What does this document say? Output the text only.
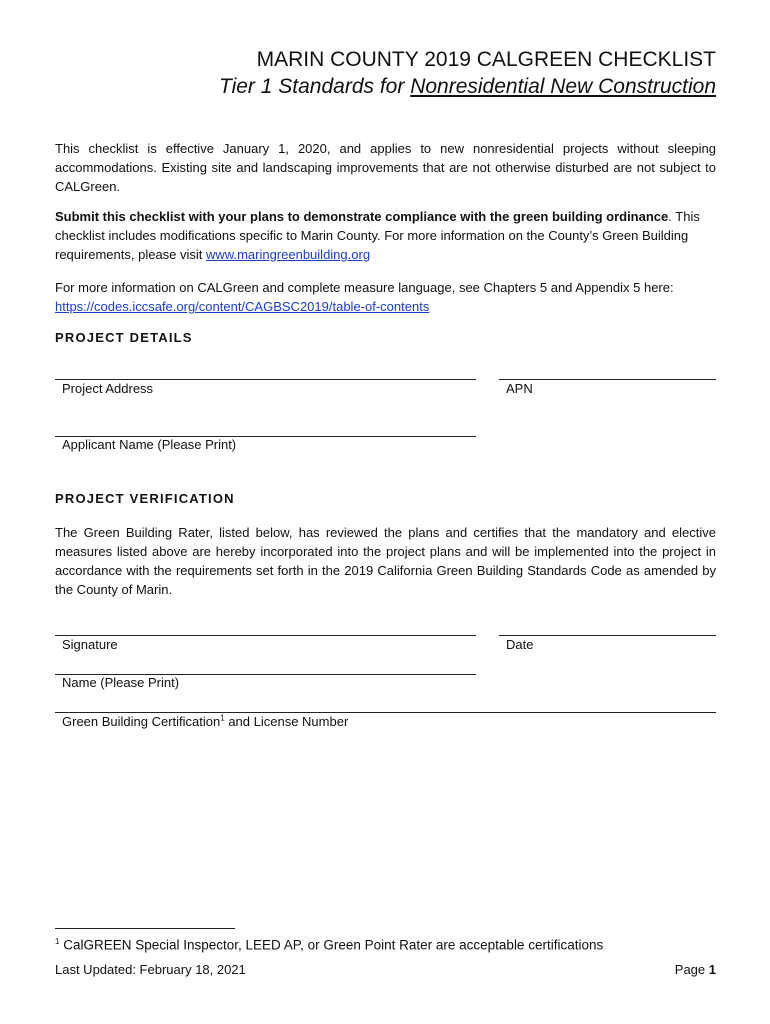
MARIN COUNTY 2019 CALGREEN CHECKLIST
Tier 1 Standards for Nonresidential New Construction

This checklist is effective January 1, 2020, and applies to new nonresidential projects without sleeping accommodations. Existing site and landscaping improvements that are not otherwise disturbed are not subject to CALGreen.

Submit this checklist with your plans to demonstrate compliance with the green building ordinance. This checklist includes modifications specific to Marin County. For more information on the County’s Green Building requirements, please visit www.maringreenbuilding.org

For more information on CALGreen and complete measure language, see Chapters 5 and Appendix 5 here: https://codes.iccsafe.org/content/CAGBSC2019/table-of-contents

PROJECT DETAILS
Project Address	APN
Applicant Name (Please Print)
PROJECT VERIFICATION

The Green Building Rater, listed below, has reviewed the plans and certifies that the mandatory and elective measures listed above are hereby incorporated into the project plans and will be implemented into the project in accordance with the requirements set forth in the 2019 California Green Building Standards Code as amended by the County of Marin.

Signature	Date
Name (Please Print)
Green Building Certification$^1$ and License Number
$^1$ CalGREEN Special Inspector, LEED AP, or Green Point Rater are acceptable certifications
Last Updated: February 18, 2021	Page 1
